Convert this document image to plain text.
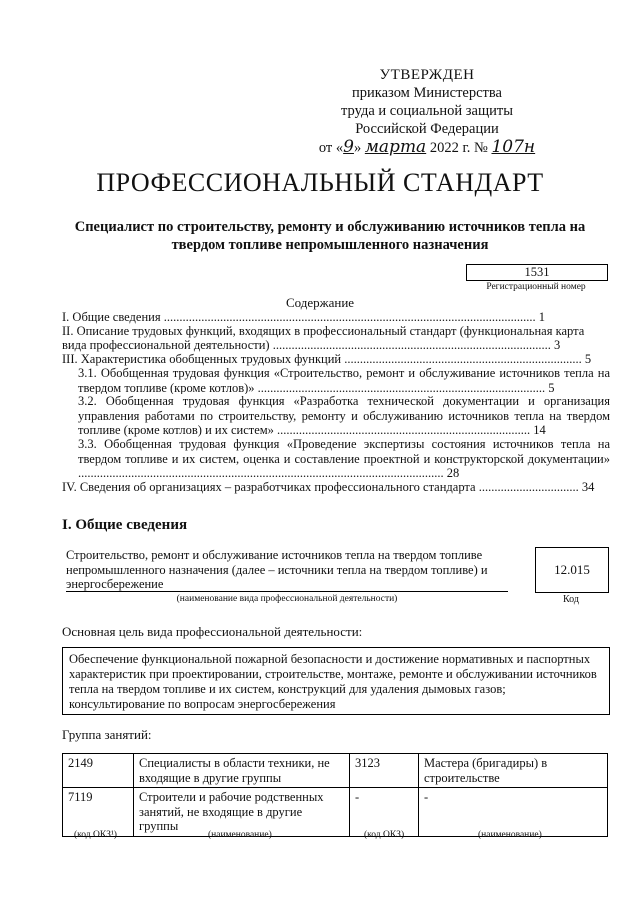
УТВЕРЖДЕН
приказом Министерства
труда и социальной защиты
Российской Федерации
от «9» марта 2022 г. № 107н
ПРОФЕССИОНАЛЬНЫЙ СТАНДАРТ
Специалист по строительству, ремонту и обслуживанию источников тепла на твердом топливе непромышленного назначения
1531
Регистрационный номер
Содержание
I. Общие сведения ....................................................................................................................... 1
II. Описание трудовых функций, входящих в профессиональный стандарт (функциональная карта вида профессиональной деятельности) ......................................................................................... 3
III. Характеристика обобщенных трудовых функций ............................................................................ 5
3.1. Обобщенная трудовая функция «Строительство, ремонт и обслуживание источников тепла на твердом топливе (кроме котлов)» ............................................................................................ 5
3.2. Обобщенная трудовая функция «Разработка технической документации и организация управления работами по строительству, ремонту и обслуживанию источников тепла на твердом топливе (кроме котлов) и их систем» ................................................................................. 14
3.3. Обобщенная трудовая функция «Проведение экспертизы состояния источников тепла на твердом топливе и их систем, оценка и составление проектной и конструкторской документации» ..................................................................................................................... 28
IV. Сведения об организациях – разработчиках профессионального стандарта ................................ 34
I. Общие сведения
Строительство, ремонт и обслуживание источников тепла на твердом топливе непромышленного назначения (далее – источники тепла на твердом топливе) и энергосбережение
(наименование вида профессиональной деятельности)
12.015
Код
Основная цель вида профессиональной деятельности:
Обеспечение функциональной пожарной безопасности и достижение нормативных и паспортных характеристик при проектировании, строительстве, монтаже, ремонте и обслуживании источников тепла на твердом топливе и их систем, конструкций для удаления дымовых газов; консультирование по вопросам энергосбережения
Группа занятий:
2149	Специалисты в области техники, не входящие в другие группы	3123	Мастера (бригадиры) в строительстве
7119	Строители и рабочие родственных занятий, не входящие в другие группы	-	-
(код ОКЗ¹)	(наименование)	(код ОКЗ)	(наименование)
